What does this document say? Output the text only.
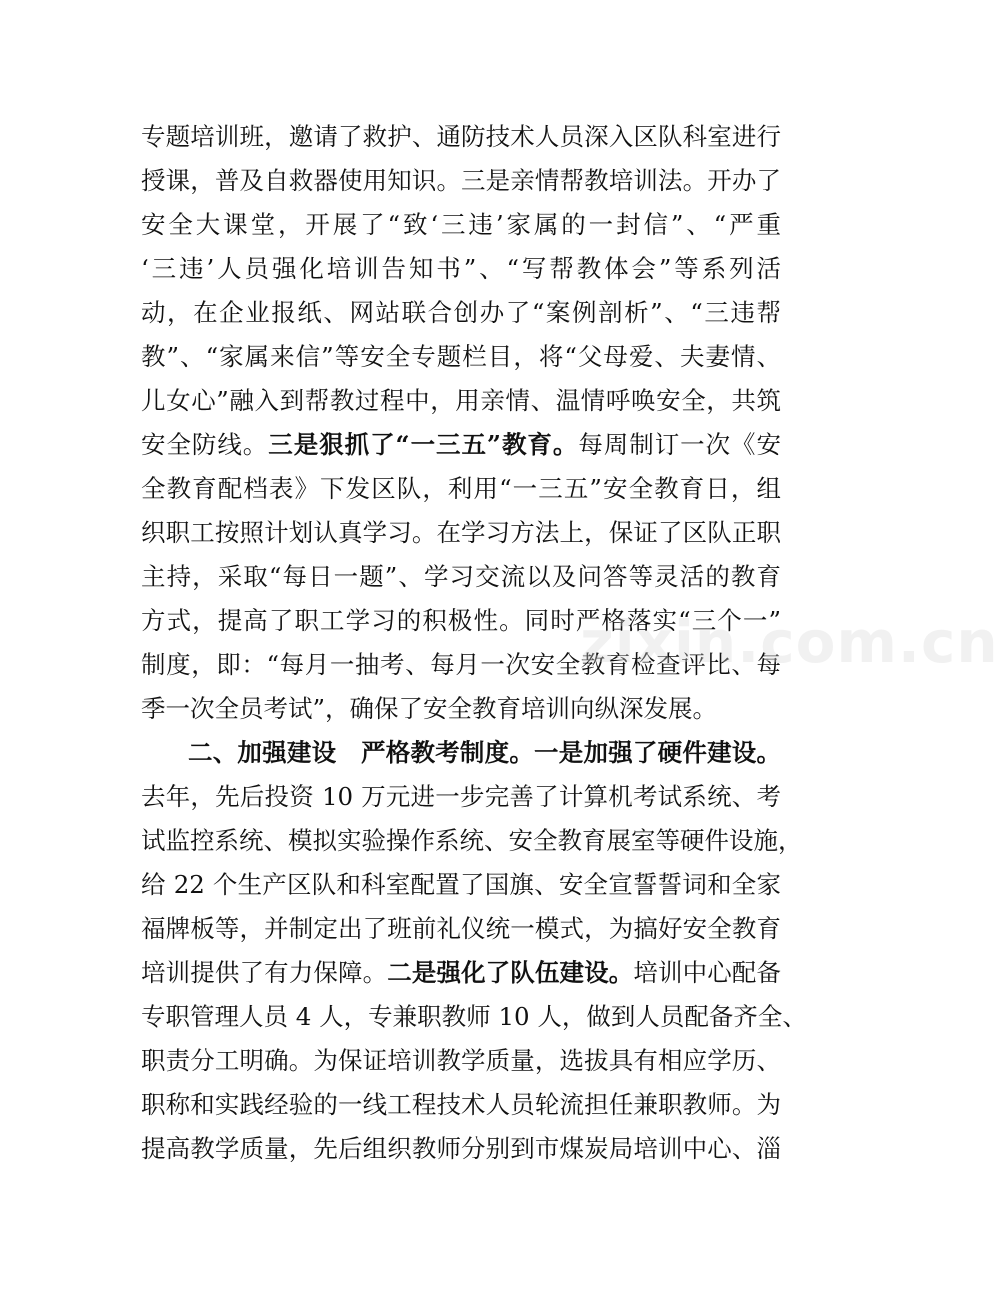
专题培训班，邀请了救护、通防技术人员深入区队科室进行
授课，普及自救器使用知识。三是亲情帮教培训法。开办了
安全大课堂，开展了“致‘三违’家属的一封信”、“严重
‘三违’人员强化培训告知书”、“写帮教体会”等系列活
动，在企业报纸、网站联合创办了“案例剖析”、“三违帮
教”、“家属来信”等安全专题栏目，将“父母爱、夫妻情、
儿女心”融入到帮教过程中，用亲情、温情呼唤安全，共筑
安全防线。三是狠抓了“一三五”教育。每周制订一次《安
全教育配档表》下发区队，利用“一三五”安全教育日，组
织职工按照计划认真学习。在学习方法上，保证了区队正职
主持，采取“每日一题”、学习交流以及问答等灵活的教育
方式，提高了职工学习的积极性。同时严格落实“三个一”
制度，即：“每月一抽考、每月一次安全教育检查评比、每
季一次全员考试”，确保了安全教育培训向纵深发展。
二、加强建设　严格教考制度。一是加强了硬件建设。
去年，先后投资 10 万元进一步完善了计算机考试系统、考
试监控系统、模拟实验操作系统、安全教育展室等硬件设施，
给 22 个生产区队和科室配置了国旗、安全宣誓誓词和全家
福牌板等，并制定出了班前礼仪统一模式，为搞好安全教育
培训提供了有力保障。二是强化了队伍建设。培训中心配备
专职管理人员 4 人，专兼职教师 10 人，做到人员配备齐全、
职责分工明确。为保证培训教学质量，选拔具有相应学历、
职称和实践经验的一线工程技术人员轮流担任兼职教师。为
提高教学质量，先后组织教师分别到市煤炭局培训中心、淄
zixin.com.cn
